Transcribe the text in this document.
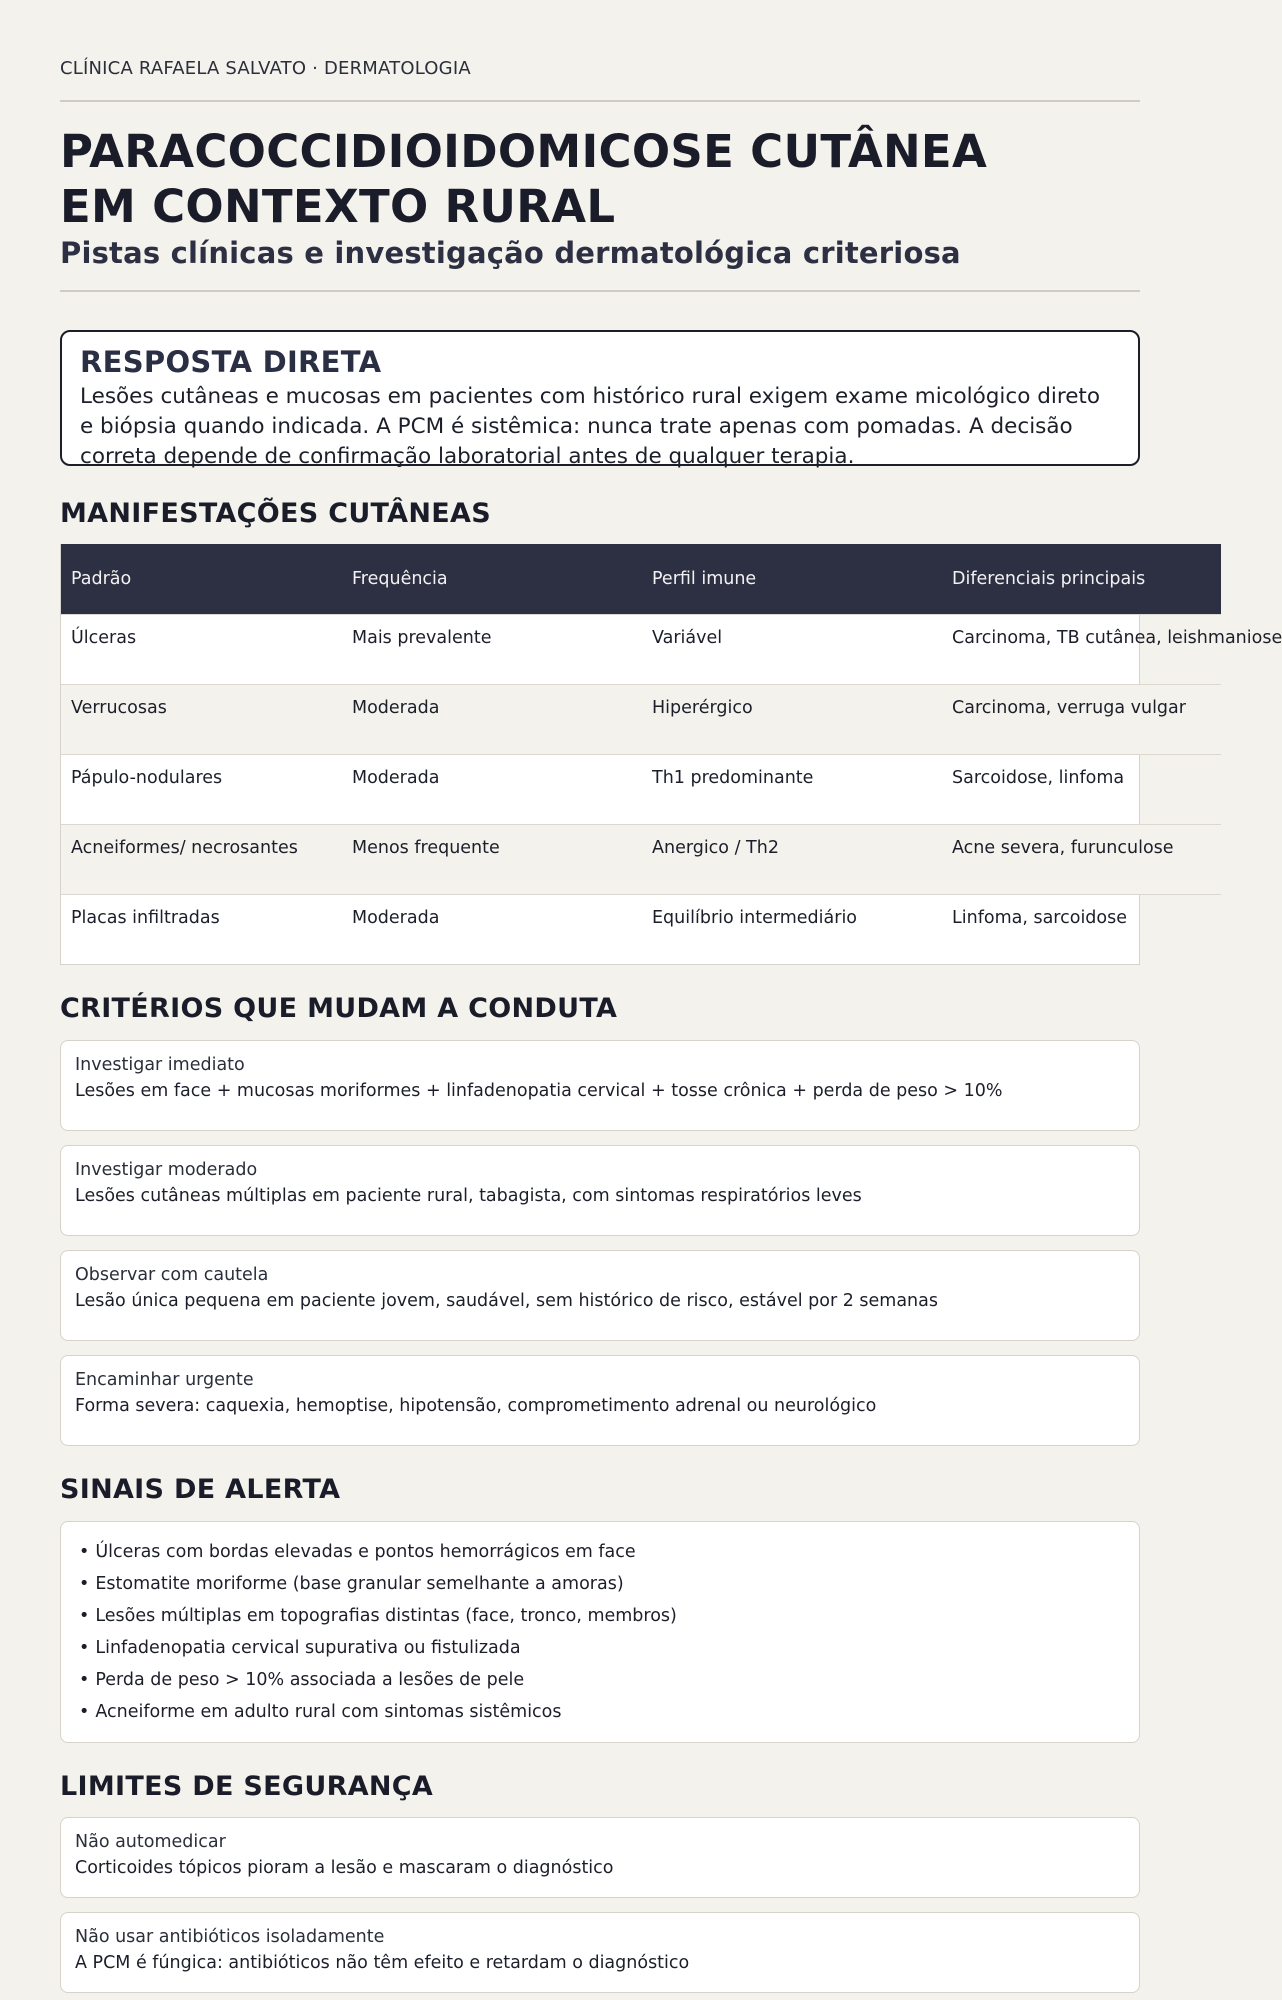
CLÍNICA RAFAELA SALVATO · DERMATOLOGIA
PARACOCCIDIOIDOMICOSE CUTÂNEA
EM CONTEXTO RURAL
Pistas clínicas e investigação dermatológica criteriosa
RESPOSTA DIRETA
Lesões cutâneas e mucosas em pacientes com histórico rural exigem exame micológico direto e biópsia quando indicada. A PCM é sistêmica: nunca trate apenas com pomadas. A decisão correta depende de confirmação laboratorial antes de qualquer terapia.
MANIFESTAÇÕES CUTÂNEAS
Padrão	Frequência	Perfil imune	Diferenciais principais
Úlceras	Mais prevalente	Variável	Carcinoma, TB cutânea, leishmaniose
Verrucosas	Moderada	Hiperérgico	Carcinoma, verruga vulgar
Pápulo-nodulares	Moderada	Th1 predominante	Sarcoidose, linfoma
Acneiformes/ necrosantes	Menos frequente	Anergico / Th2	Acne severa, furunculose
Placas infiltradas	Moderada	Equilíbrio intermediário	Linfoma, sarcoidose
CRITÉRIOS QUE MUDAM A CONDUTA
Investigar imediato
Lesões em face + mucosas moriformes + linfadenopatia cervical + tosse crônica + perda de peso > 10%
Investigar moderado
Lesões cutâneas múltiplas em paciente rural, tabagista, com sintomas respiratórios leves
Observar com cautela
Lesão única pequena em paciente jovem, saudável, sem histórico de risco, estável por 2 semanas
Encaminhar urgente
Forma severa: caquexia, hemoptise, hipotensão, comprometimento adrenal ou neurológico
SINAIS DE ALERTA
• Úlceras com bordas elevadas e pontos hemorrágicos em face
• Estomatite moriforme (base granular semelhante a amoras)
• Lesões múltiplas em topografias distintas (face, tronco, membros)
• Linfadenopatia cervical supurativa ou fistulizada
• Perda de peso > 10% associada a lesões de pele
• Acneiforme em adulto rural com sintomas sistêmicos
LIMITES DE SEGURANÇA
Não automedicar
Corticoides tópicos pioram a lesão e mascaram o diagnóstico
Não usar antibióticos isoladamente
A PCM é fúngica: antibióticos não têm efeito e retardam o diagnóstico
